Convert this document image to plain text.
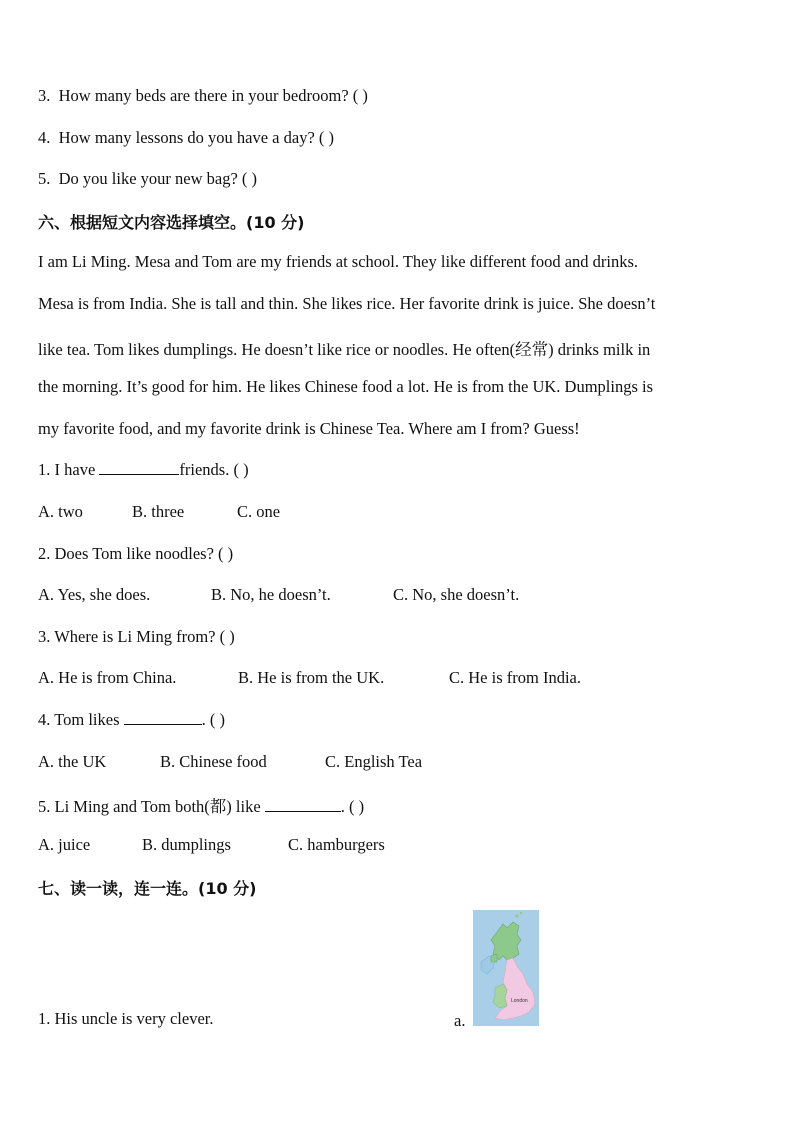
3. How many beds are there in your bedroom? ( )
4. How many lessons do you have a day? ( )
5. Do you like your new bag? ( )
六、根据短文内容选择填空。(10 分)
I am Li Ming. Mesa and Tom are my friends at school. They like different food and drinks.
Mesa is from India. She is tall and thin. She likes rice. Her favorite drink is juice. She doesn’t
like tea. Tom likes dumplings. He doesn’t like rice or noodles. He often(经常) drinks milk in
the morning. It’s good for him. He likes Chinese food a lot. He is from the UK. Dumplings is
my favorite food, and my favorite drink is Chinese Tea. Where am I from? Guess!
1. I have	friends. ( )
A. two	B. three	C. one
2. Does Tom like noodles? ( )
A. Yes, she does.	B. No, he doesn’t.	C. No, she doesn’t.
3. Where is Li Ming from? ( )
A. He is from China.	B. He is from the UK.	C. He is from India.
4. Tom likes	. ( )
A. the UK	B. Chinese food	C. English Tea
5. Li Ming and Tom both(都) like	. ( )
A. juice	B. dumplings	C. hamburgers
七、读一读，连一连。(10 分)
1. His uncle is very clever.	a.
London
